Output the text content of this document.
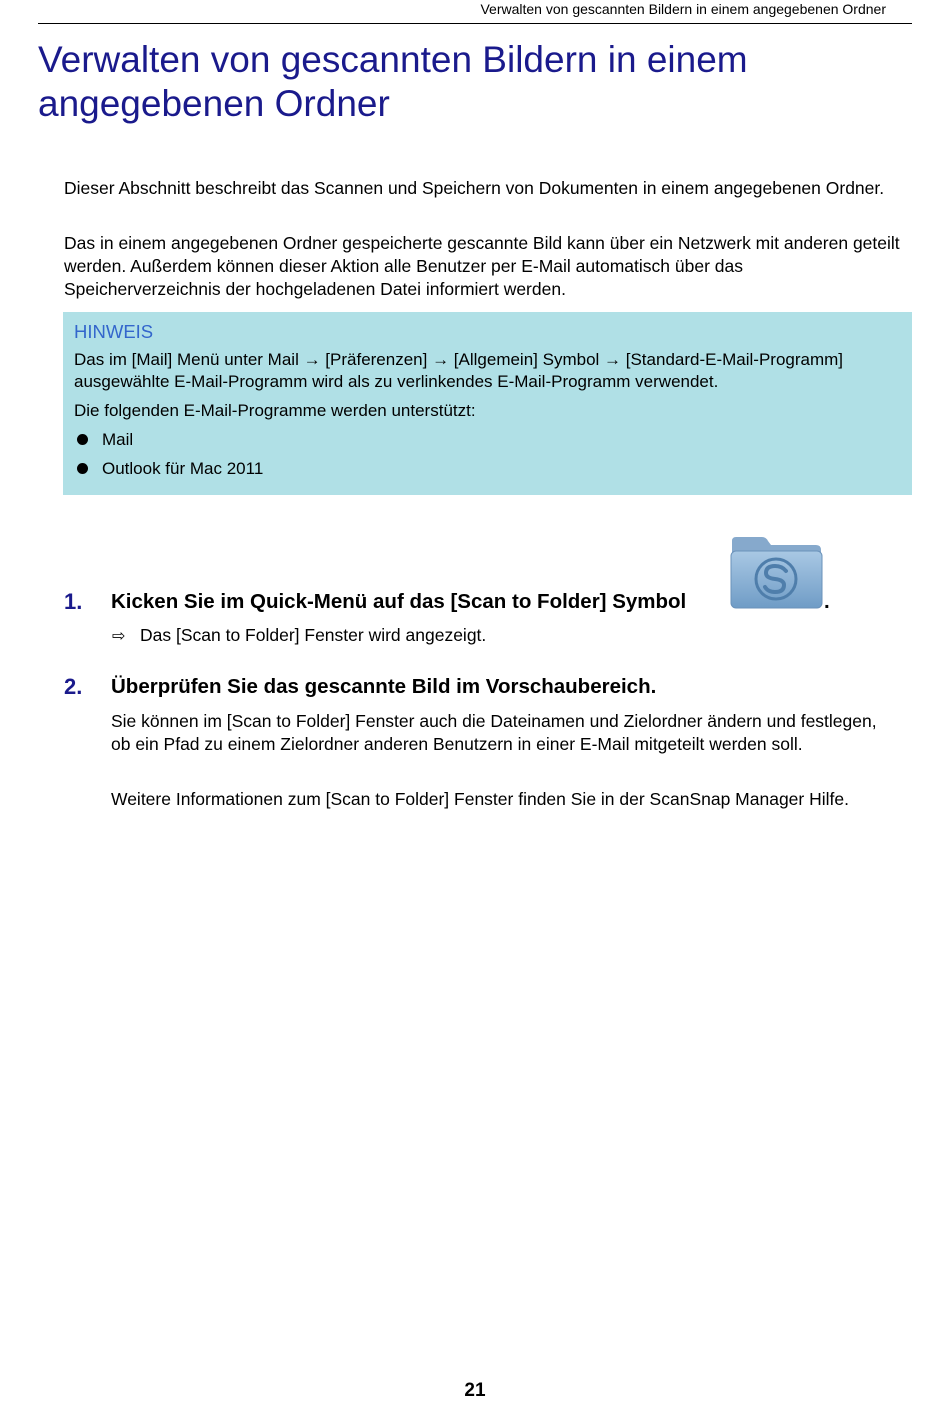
Verwalten von gescannten Bildern in einem angegebenen Ordner
Verwalten von gescannten Bildern in einem angegebenen Ordner

Dieser Abschnitt beschreibt das Scannen und Speichern von Dokumenten in einem angegebenen Ordner.

Das in einem angegebenen Ordner gespeicherte gescannte Bild kann über ein Netzwerk mit anderen geteilt werden. Außerdem können dieser Aktion alle Benutzer per E-Mail automatisch über das Speicherverzeichnis der hochgeladenen Datei informiert werden.

HINWEIS

Das im [Mail] Menü unter Mail → [Präferenzen] → [Allgemein] Symbol → [Standard-E-Mail-Programm] ausgewählte E-Mail-Programm wird als zu verlinkendes E-Mail-Programm verwendet.

Die folgenden E-Mail-Programme werden unterstützt:

Mail
Outlook für Mac 2011
1. Kicken Sie im Quick-Menü auf das [Scan to Folder] Symbol	.
⇨ Das [Scan to Folder] Fenster wird angezeigt.
2. Überprüfen Sie das gescannte Bild im Vorschaubereich.

Sie können im [Scan to Folder] Fenster auch die Dateinamen und Zielordner ändern und festlegen, ob ein Pfad zu einem Zielordner anderen Benutzern in einer E-Mail mitgeteilt werden soll.

Weitere Informationen zum [Scan to Folder] Fenster finden Sie in der ScanSnap Manager Hilfe.

21
